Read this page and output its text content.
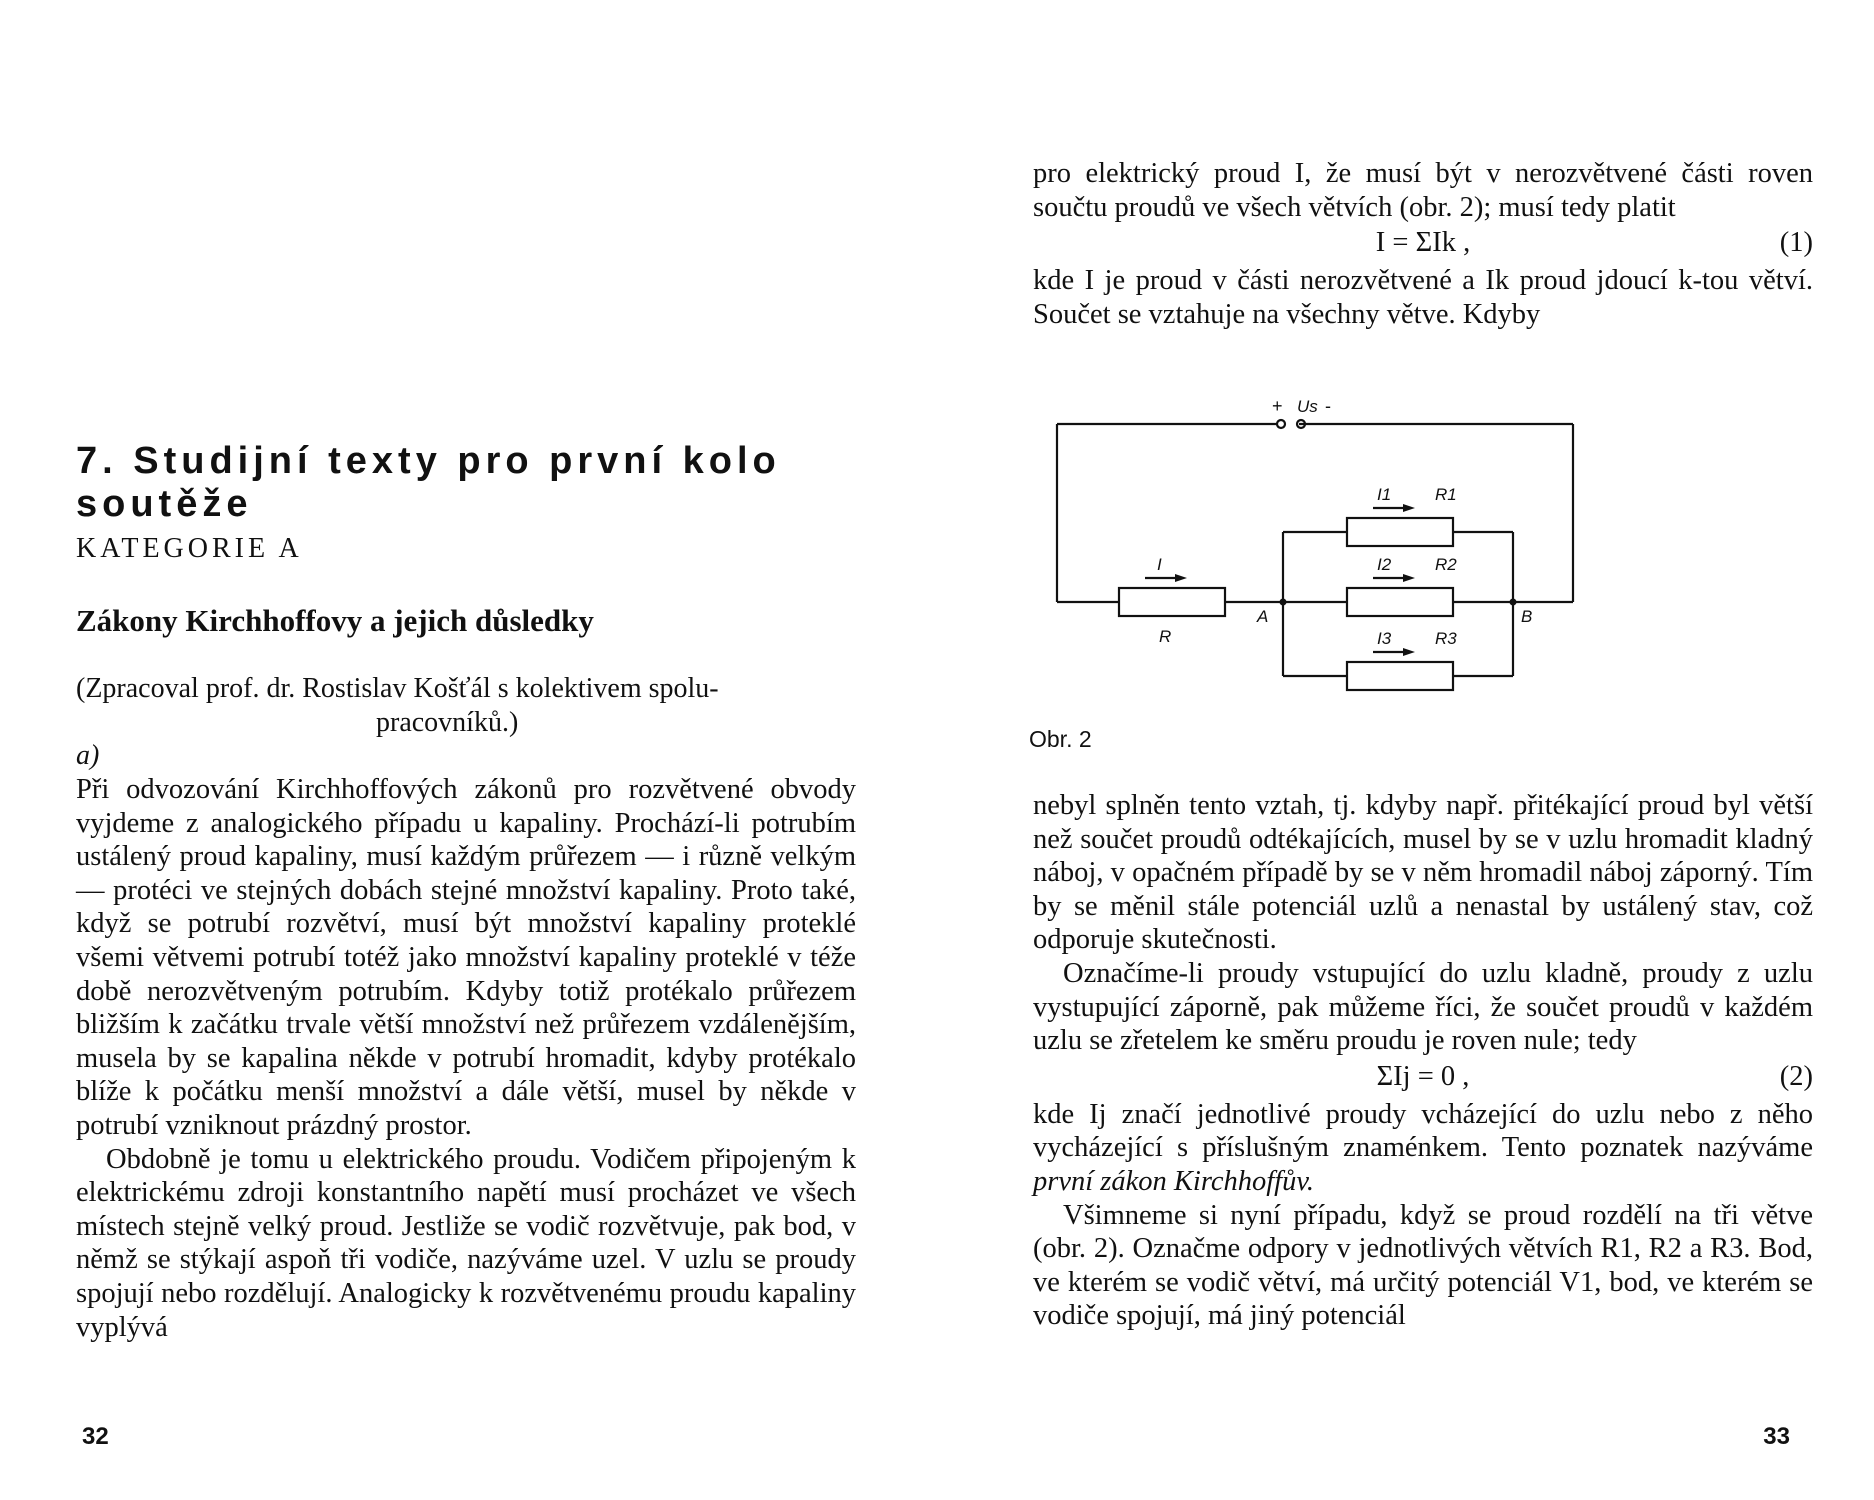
7. Studijní texty pro první kolo soutěže
KATEGORIE A
Zákony Kirchhoffovy a jejich důsledky
(Zpracoval prof. dr. Rostislav Košťál s kolektivem spolu-
pracovníků.)
a)

Při odvozování Kirchhoffových zákonů pro rozvětvené obvody vyjdeme z analogického případu u kapaliny. Prochází-li potrubím ustálený proud kapaliny, musí každým průřezem — i různě velkým — protéci ve stejných dobách stejné množství kapaliny. Proto také, když se potrubí rozvětví, musí být množství kapaliny proteklé všemi větvemi potrubí totéž jako množství kapaliny proteklé v téže době nerozvětveným potrubím. Kdyby totiž protékalo průřezem bližším k začátku trvale větší množství než průřezem vzdálenějším, musela by se kapalina někde v potrubí hromadit, kdyby protékalo blíže k počátku menší množství a dále větší, musel by někde v potrubí vzniknout prázdný prostor.

Obdobně je tomu u elektrického proudu. Vodičem připojeným k elektrickému zdroji konstantního napětí musí procházet ve všech místech stejně velký proud. Jestliže se vodič rozvětvuje, pak bod, v němž se stýkají aspoň tři vodiče, nazýváme uzel. V uzlu se proudy spojují nebo rozdělují. Analogicky k rozvětvenému proudu kapaliny vyplývá

32

pro elektrický proud I, že musí být v nerozvětvené části roven součtu proudů ve všech větvích (obr. 2); musí tedy platit

I = ΣIk ,	(1)

kde I je proud v části nerozvětvené a Ik proud jdoucí k-tou větví. Součet se vztahuje na všechny větve. Kdyby

+ Us -
I
R
A	B
I1	R1
I2	R2
I3	R3
Obr. 2

nebyl splněn tento vztah, tj. kdyby např. přitékající proud byl větší než součet proudů odtékajících, musel by se v uzlu hromadit kladný náboj, v opačném případě by se v něm hromadil náboj záporný. Tím by se měnil stále potenciál uzlů a nenastal by ustálený stav, což odporuje skutečnosti.

Označíme-li proudy vstupující do uzlu kladně, proudy z uzlu vystupující záporně, pak můžeme říci, že součet proudů v každém uzlu se zřetelem ke směru proudu je roven nule; tedy

ΣIj = 0 ,	(2)

kde Ij značí jednotlivé proudy vcházející do uzlu nebo z něho vycházející s příslušným znaménkem. Tento poznatek nazýváme první zákon Kirchhoffův.

Všimneme si nyní případu, když se proud rozdělí na tři větve (obr. 2). Označme odpory v jednotlivých větvích R1, R2 a R3. Bod, ve kterém se vodič větví, má určitý potenciál V1, bod, ve kterém se vodiče spojují, má jiný potenciál

33
